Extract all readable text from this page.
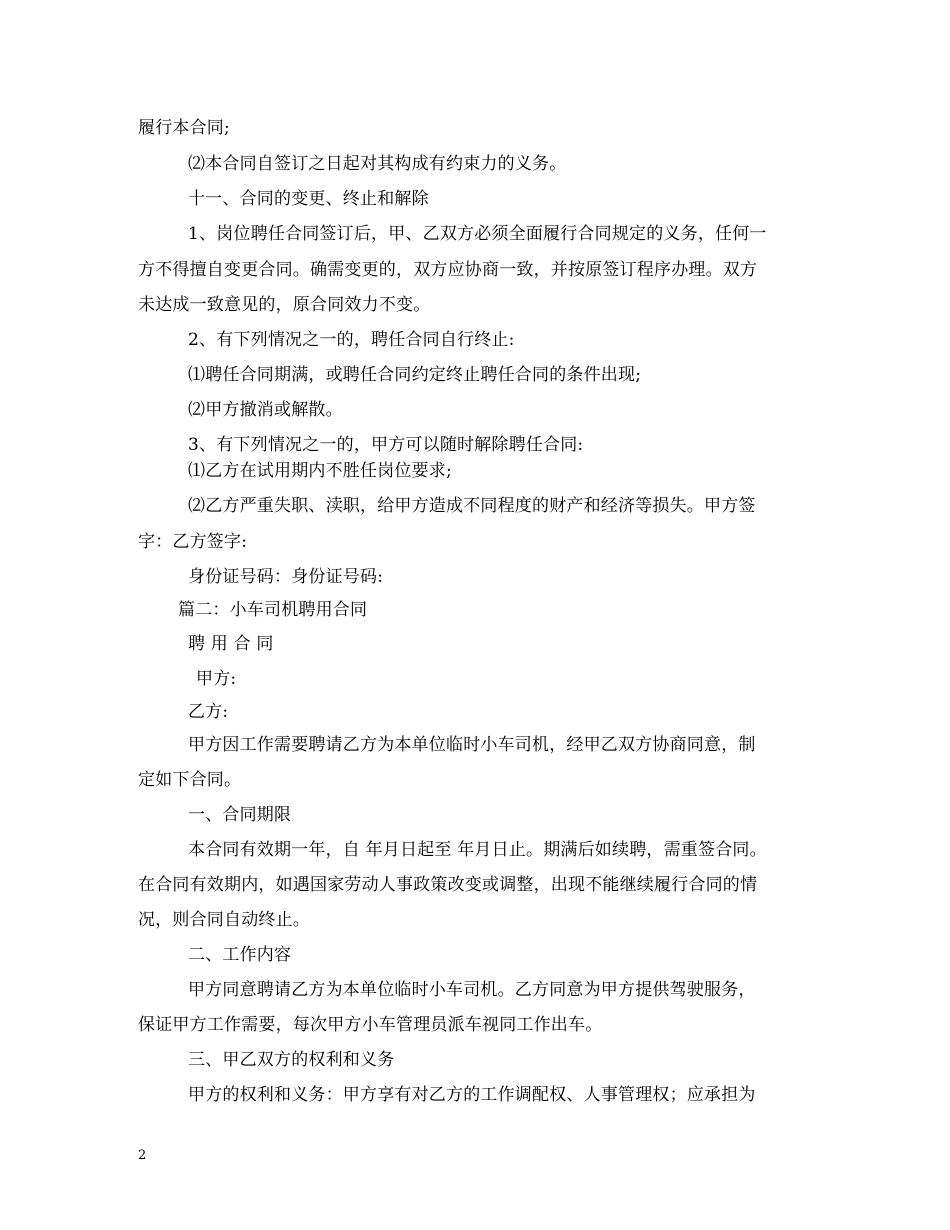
履行本合同;
⑵本合同自签订之日起对其构成有约束力的义务。
十一、合同的变更、终止和解除
1、岗位聘任合同签订后，甲、乙双方必须全面履行合同规定的义务，任何一
方不得擅自变更合同。确需变更的，双方应协商一致，并按原签订程序办理。双方
未达成一致意见的，原合同效力不变。
2、有下列情况之一的，聘任合同自行终止:
⑴聘任合同期满，或聘任合同约定终止聘任合同的条件出现;
⑵甲方撤消或解散。
3、有下列情况之一的，甲方可以随时解除聘任合同:
⑴乙方在试用期内不胜任岗位要求;
⑵乙方严重失职、渎职，给甲方造成不同程度的财产和经济等损失。甲方签
字：乙方签字:
身份证号码：身份证号码:
篇二：小车司机聘用合同
聘 用 合 同
甲方:
乙方:
甲方因工作需要聘请乙方为本单位临时小车司机，经甲乙双方协商同意，制
定如下合同。
一、合同期限
本合同有效期一年，自 年月日起至 年月日止。期满后如续聘，需重签合同。
在合同有效期内，如遇国家劳动人事政策改变或调整，出现不能继续履行合同的情
况，则合同自动终止。
二、工作内容
甲方同意聘请乙方为本单位临时小车司机。乙方同意为甲方提供驾驶服务，
保证甲方工作需要，每次甲方小车管理员派车视同工作出车。
三、甲乙双方的权利和义务
甲方的权利和义务：甲方享有对乙方的工作调配权、人事管理权；应承担为
2
